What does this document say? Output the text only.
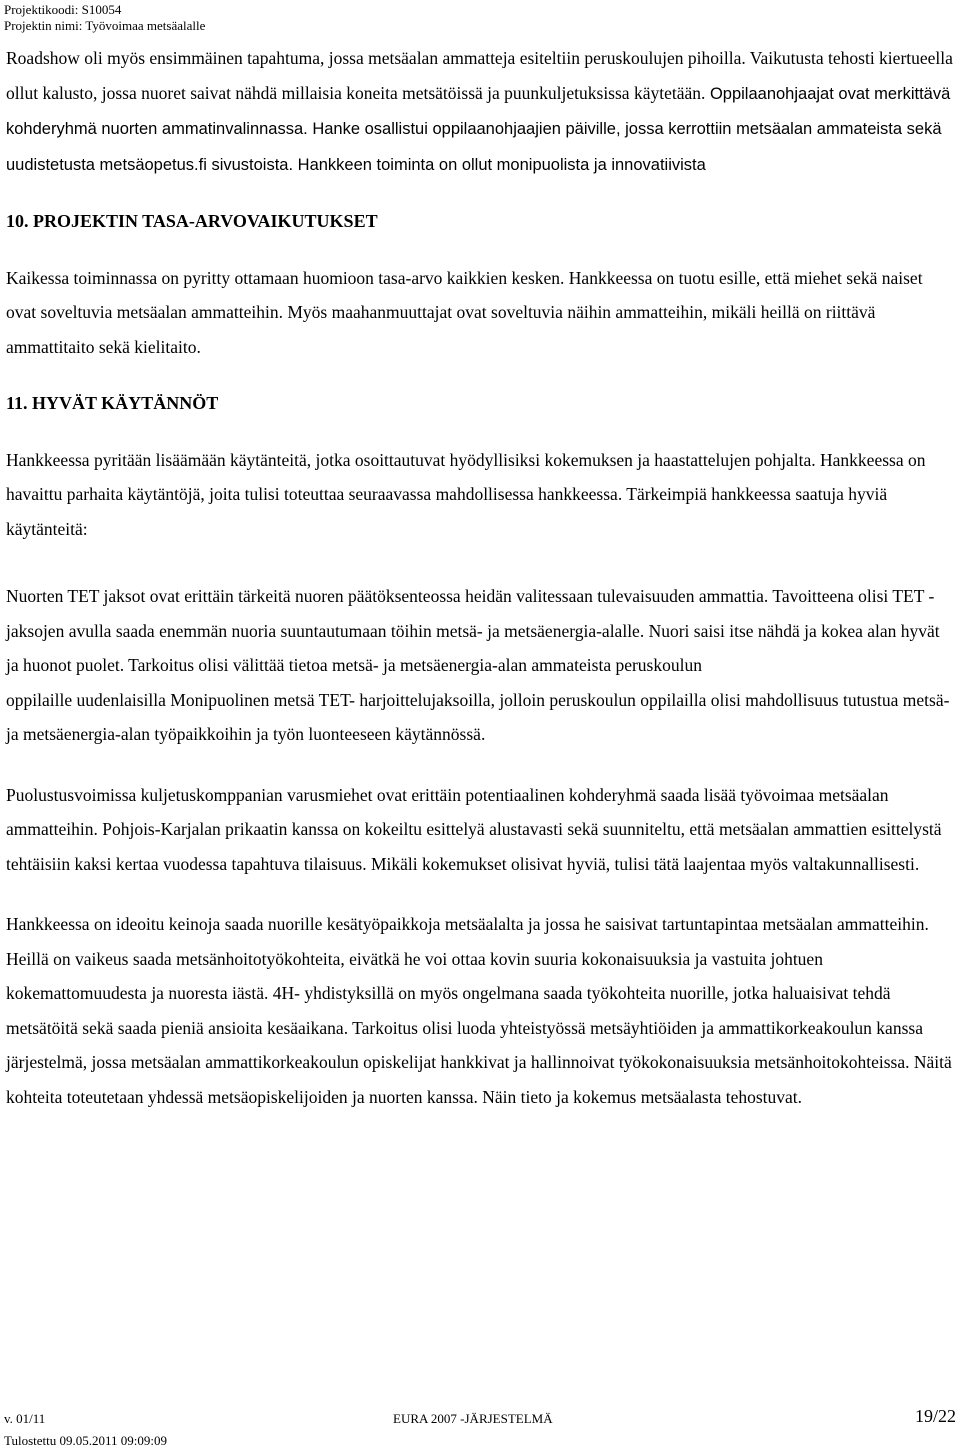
Projektikoodi: S10054
Projektin nimi: Työvoimaa metsäalalle

Roadshow oli myös ensimmäinen tapahtuma, jossa metsäalan ammatteja esiteltiin peruskoulujen pihoilla. Vaikutusta tehosti kiertueella ollut kalusto, jossa nuoret saivat nähdä millaisia koneita metsätöissä ja puunkuljetuksissa käytetään. Oppilaanohjaajat ovat merkittävä kohderyhmä nuorten ammatinvalinnassa. Hanke osallistui oppilaanohjaajien päiville, jossa kerrottiin metsäalan ammateista sekä uudistetusta metsäopetus.fi sivustoista. Hankkeen toiminta on ollut monipuolista ja innovatiivista

10. PROJEKTIN TASA-ARVOVAIKUTUKSET

Kaikessa toiminnassa on pyritty ottamaan huomioon tasa-arvo kaikkien kesken. Hankkeessa on tuotu esille, että miehet sekä naiset ovat soveltuvia metsäalan ammatteihin. Myös maahanmuuttajat ovat soveltuvia näihin ammatteihin, mikäli heillä on riittävä ammattitaito sekä kielitaito.

11. HYVÄT KÄYTÄNNÖT

Hankkeessa pyritään lisäämään käytänteitä, jotka osoittautuvat hyödyllisiksi kokemuksen ja haastattelujen pohjalta. Hankkeessa on havaittu parhaita käytäntöjä, joita tulisi toteuttaa seuraavassa mahdollisessa hankkeessa. Tärkeimpiä hankkeessa saatuja hyviä käytänteitä:

Nuorten TET jaksot ovat erittäin tärkeitä nuoren päätöksenteossa heidän valitessaan tulevaisuuden ammattia. Tavoitteena olisi TET -jaksojen avulla saada enemmän nuoria suuntautumaan töihin metsä- ja metsäenergia-alalle. Nuori saisi itse nähdä ja kokea alan hyvät ja huonot puolet. Tarkoitus olisi välittää tietoa metsä- ja metsäenergia-alan ammateista peruskoulun

oppilaille uudenlaisilla Monipuolinen metsä TET- harjoittelujaksoilla, jolloin peruskoulun oppilailla olisi mahdollisuus tutustua metsä- ja metsäenergia-alan työpaikkoihin ja työn luonteeseen käytännössä.

Puolustusvoimissa kuljetuskomppanian varusmiehet ovat erittäin potentiaalinen kohderyhmä saada lisää työvoimaa metsäalan ammatteihin. Pohjois-Karjalan prikaatin kanssa on kokeiltu esittelyä alustavasti sekä suunniteltu, että metsäalan ammattien esittelystä tehtäisiin kaksi kertaa vuodessa tapahtuva tilaisuus. Mikäli kokemukset olisivat hyviä, tulisi tätä laajentaa myös valtakunnallisesti.

Hankkeessa on ideoitu keinoja saada nuorille kesätyöpaikkoja metsäalalta ja jossa he saisivat tartuntapintaa metsäalan ammatteihin. Heillä on vaikeus saada metsänhoitotyökohteita, eivätkä he voi ottaa kovin suuria kokonaisuuksia ja vastuita johtuen kokemattomuudesta ja nuoresta iästä. 4H- yhdistyksillä on myös ongelmana saada työkohteita nuorille, jotka haluaisivat tehdä metsätöitä sekä saada pieniä ansioita kesäaikana. Tarkoitus olisi luoda yhteistyössä metsäyhtiöiden ja ammattikorkeakoulun kanssa järjestelmä, jossa metsäalan ammattikorkeakoulun opiskelijat hankkivat ja hallinnoivat työkokonaisuuksia metsänhoitokohteissa. Näitä kohteita toteutetaan yhdessä metsäopiskelijoiden ja nuorten kanssa. Näin tieto ja kokemus metsäalasta tehostuvat.

v. 01/11
Tulostettu 09.05.2011 09:09:09
EURA 2007 -JÄRJESTELMÄ	19/22
